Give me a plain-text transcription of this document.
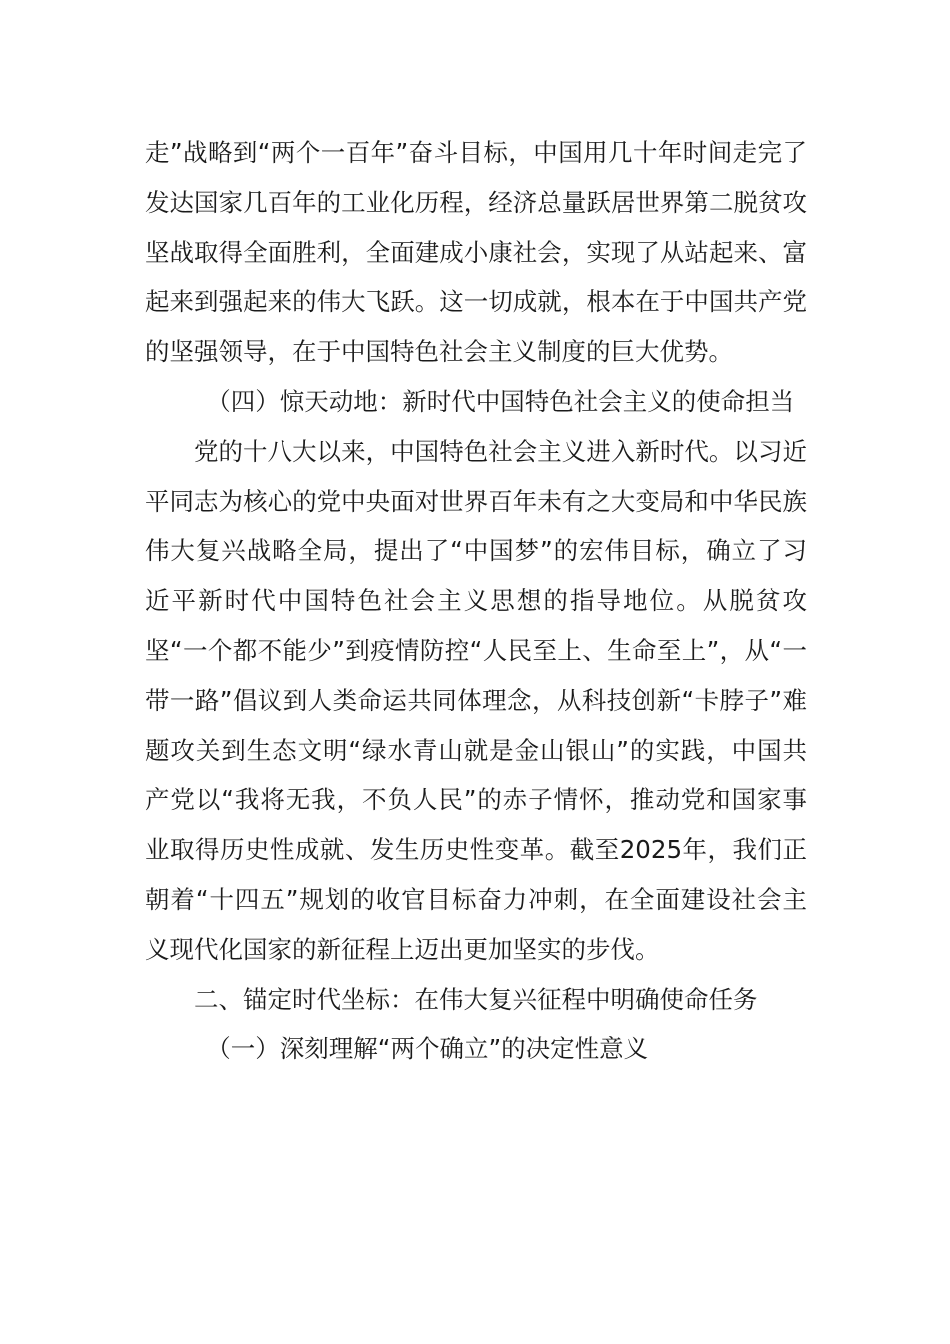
走”战略到“两个一百年”奋斗目标，中国用几十年时间走完了发达国家几百年的工业化历程，经济总量跃居世界第二脱贫攻坚战取得全面胜利，全面建成小康社会，实现了从站起来、富起来到强起来的伟大飞跃。这一切成就，根本在于中国共产党的坚强领导，在于中国特色社会主义制度的巨大优势。

（四）惊天动地：新时代中国特色社会主义的使命担当

党的十八大以来，中国特色社会主义进入新时代。以习近平同志为核心的党中央面对世界百年未有之大变局和中华民族伟大复兴战略全局，提出了“中国梦”的宏伟目标，确立了习近平新时代中国特色社会主义思想的指导地位。从脱贫攻坚“一个都不能少”到疫情防控“人民至上、生命至上”，从“一带一路”倡议到人类命运共同体理念，从科技创新“卡脖子”难题攻关到生态文明“绿水青山就是金山银山”的实践，中国共产党以“我将无我，不负人民”的赤子情怀，推动党和国家事业取得历史性成就、发生历史性变革。截至2025年，我们正朝着“十四五”规划的收官目标奋力冲刺，在全面建设社会主义现代化国家的新征程上迈出更加坚实的步伐。

二、锚定时代坐标：在伟大复兴征程中明确使命任务

（一）深刻理解“两个确立”的决定性意义
